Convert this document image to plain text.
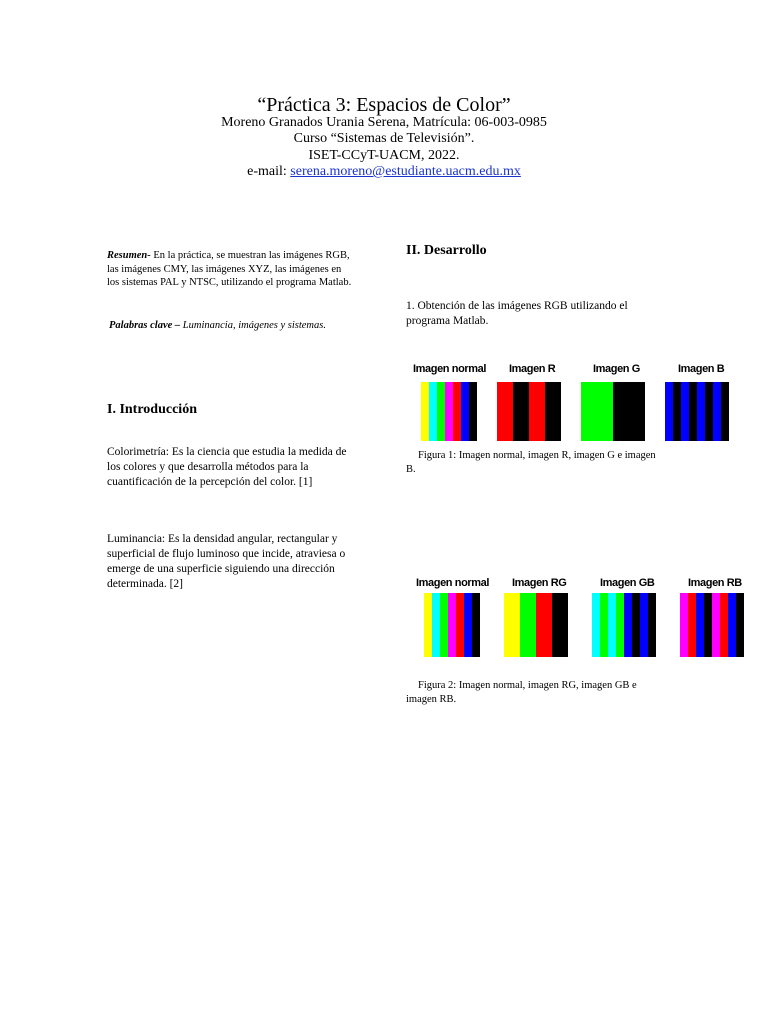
“Práctica 3: Espacios de Color”
Moreno Granados Urania Serena, Matrícula: 06-003-0985
Curso “Sistemas de Televisión”.
ISET-CCyT-UACM, 2022.
e-mail: serena.moreno@estudiante.uacm.edu.mx
Resumen- En la práctica, se muestran las imágenes RGB, las imágenes CMY, las imágenes XYZ, las imágenes en los sistemas PAL y NTSC, utilizando el programa Matlab.
Palabras clave – Luminancia, imágenes y sistemas.
I. Introducción
Colorimetría: Es la ciencia que estudia la medida de los colores y que desarrolla métodos para la cuantificación de la percepción del color. [1]
Luminancia: Es la densidad angular, rectangular y superficial de flujo luminoso que incide, atraviesa o emerge de una superficie siguiendo una dirección determinada. [2]
II. Desarrollo
1. Obtención de las imágenes RGB utilizando el programa Matlab.
Imagen normal Imagen R	Imagen G	Imagen B
Figura 1: Imagen normal, imagen R, imagen G e imagen B.
Imagen normal Imagen RG	Imagen GB	Imagen RB
Figura 2: Imagen normal, imagen RG, imagen GB e imagen RB.
